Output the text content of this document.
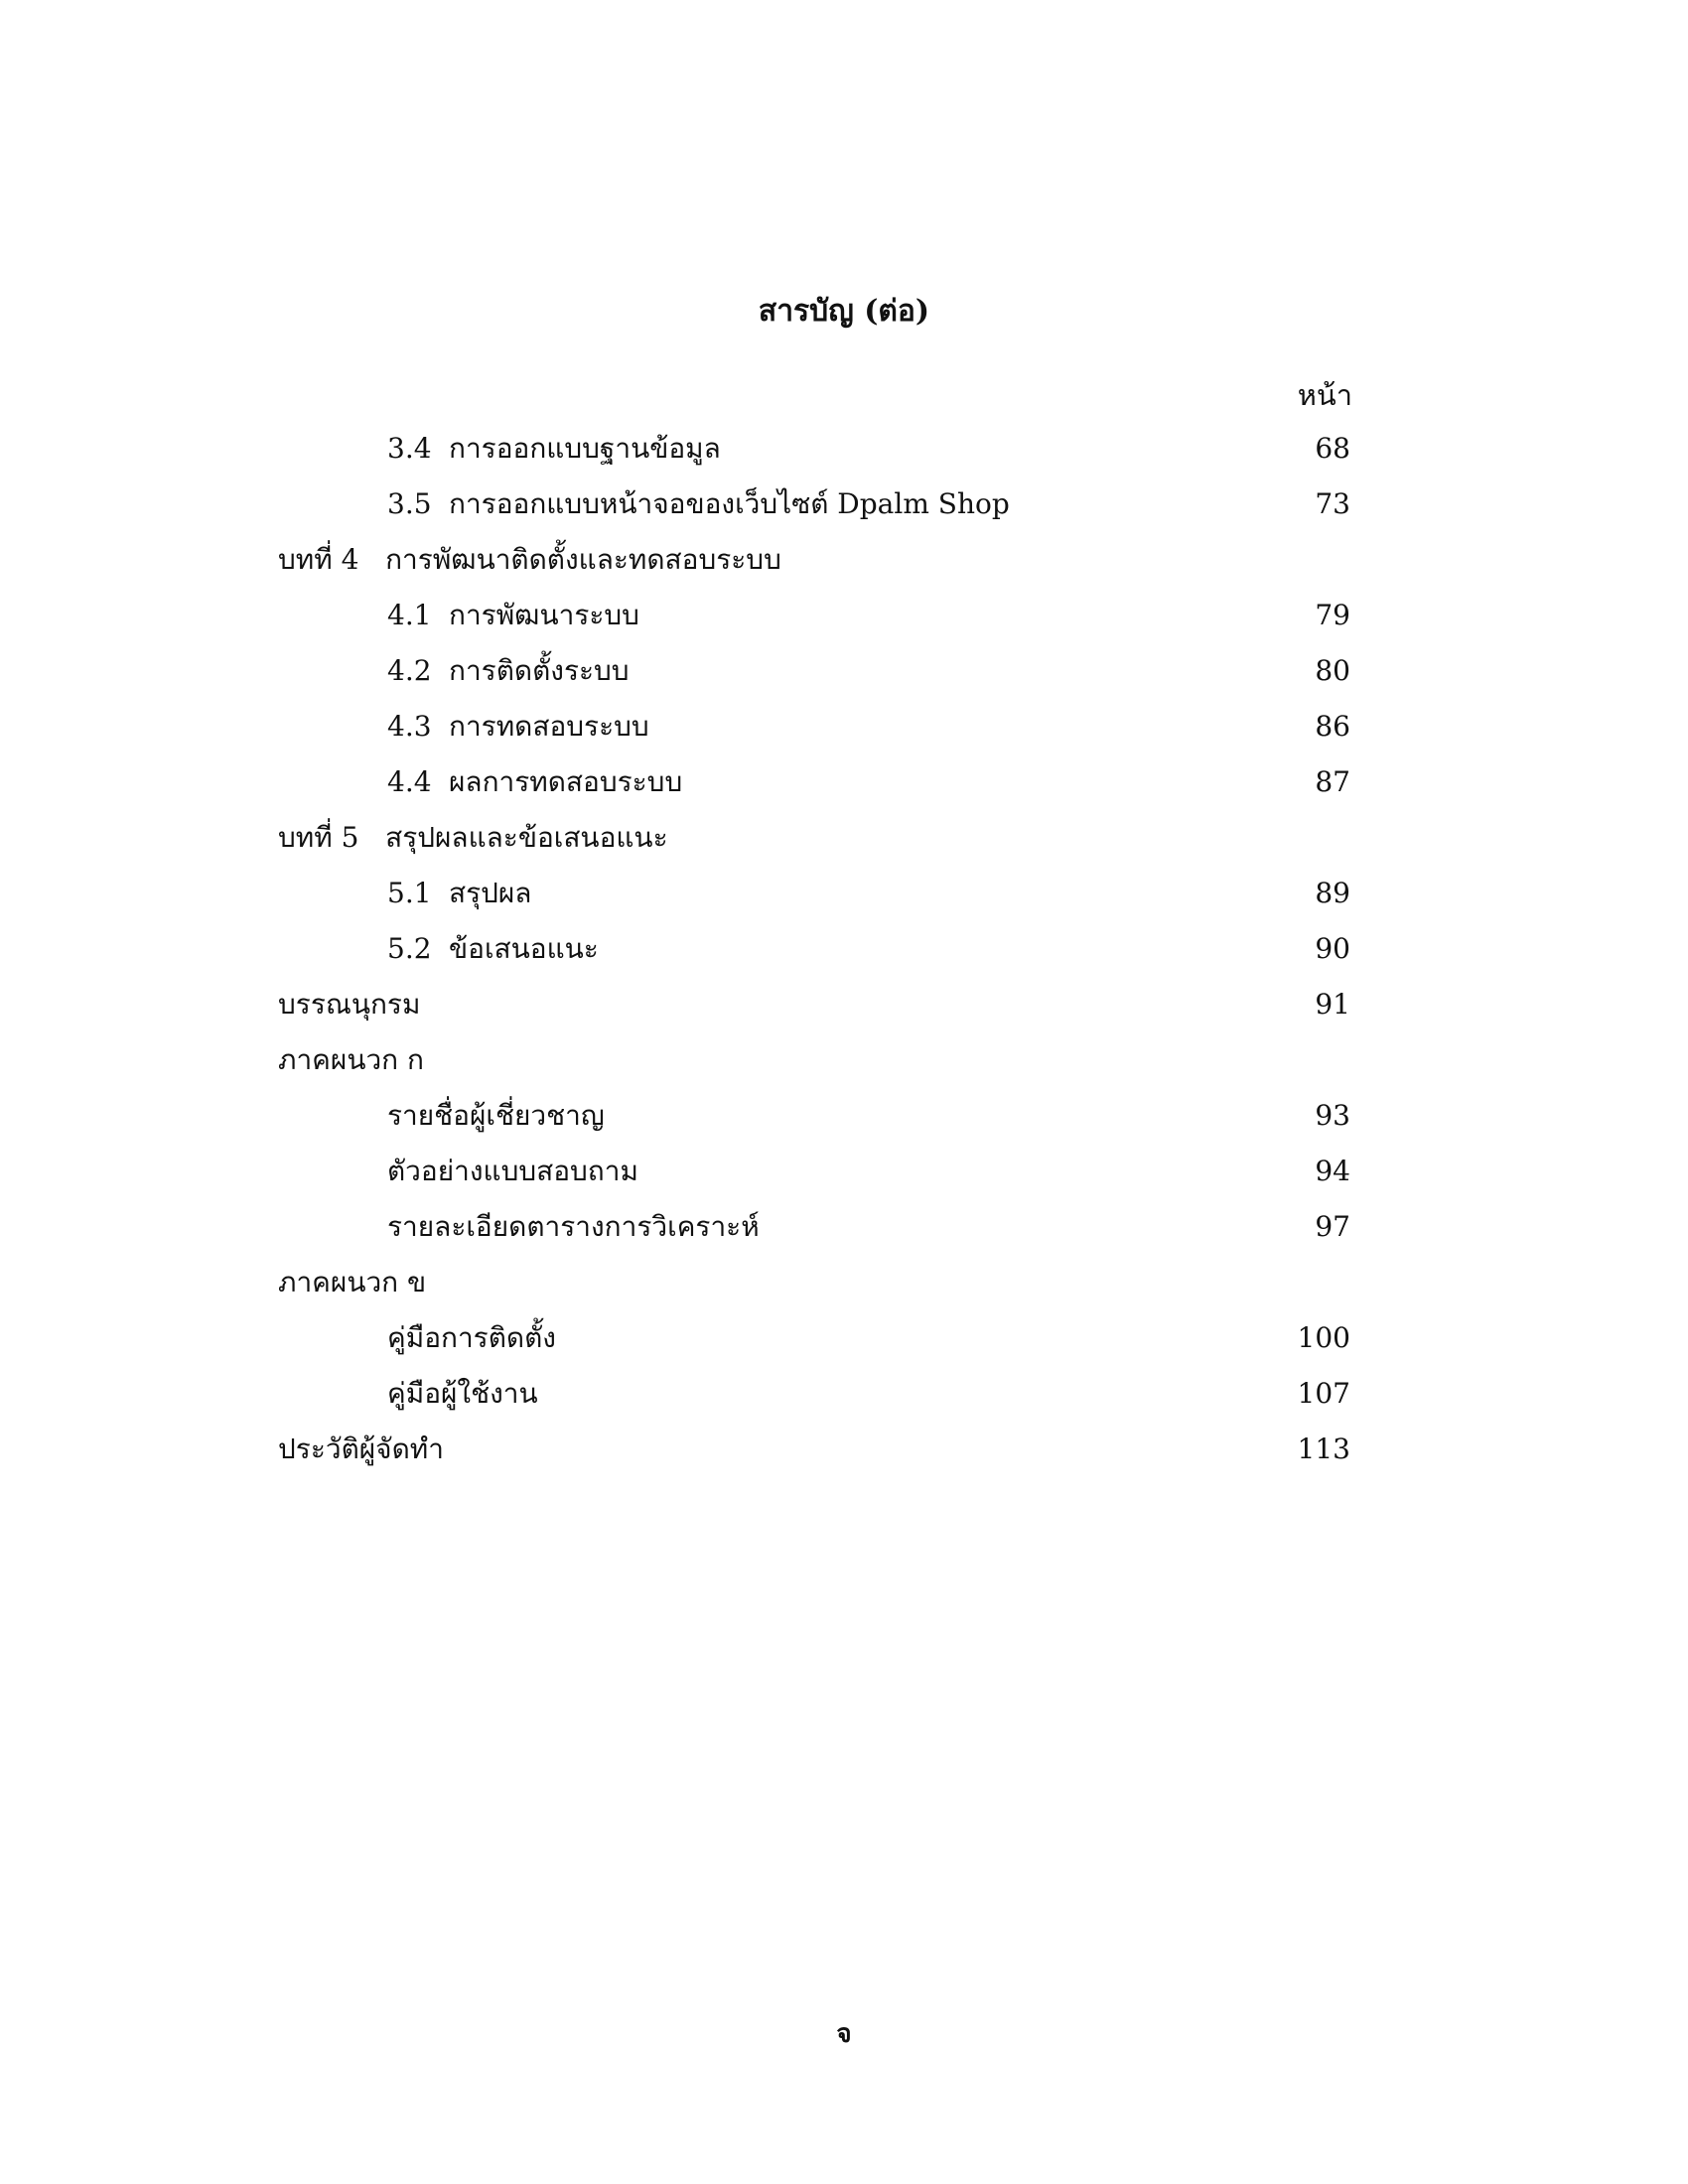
สารบัญ (ต่อ)
หน้า
3.4 การออกแบบฐานข้อมูล	68
3.5 การออกแบบหน้าจอของเว็บไซต์ Dpalm Shop	73
บทที่ 4   การพัฒนาติดตั้งและทดสอบระบบ
4.1 การพัฒนาระบบ	79
4.2 การติดตั้งระบบ	80
4.3 การทดสอบระบบ	86
4.4 ผลการทดสอบระบบ	87
บทที่ 5   สรุปผลและข้อเสนอแนะ
5.1 สรุปผล	89
5.2 ข้อเสนอแนะ	90
บรรณนุกรม	91
ภาคผนวก ก
รายชื่อผู้เชี่ยวชาญ	93
ตัวอย่างแบบสอบถาม	94
รายละเอียดตารางการวิเคราะห์	97
ภาคผนวก ข
คู่มือการติดตั้ง	100
คู่มือผู้ใช้งาน	107
ประวัติผู้จัดทำ	113
จ
